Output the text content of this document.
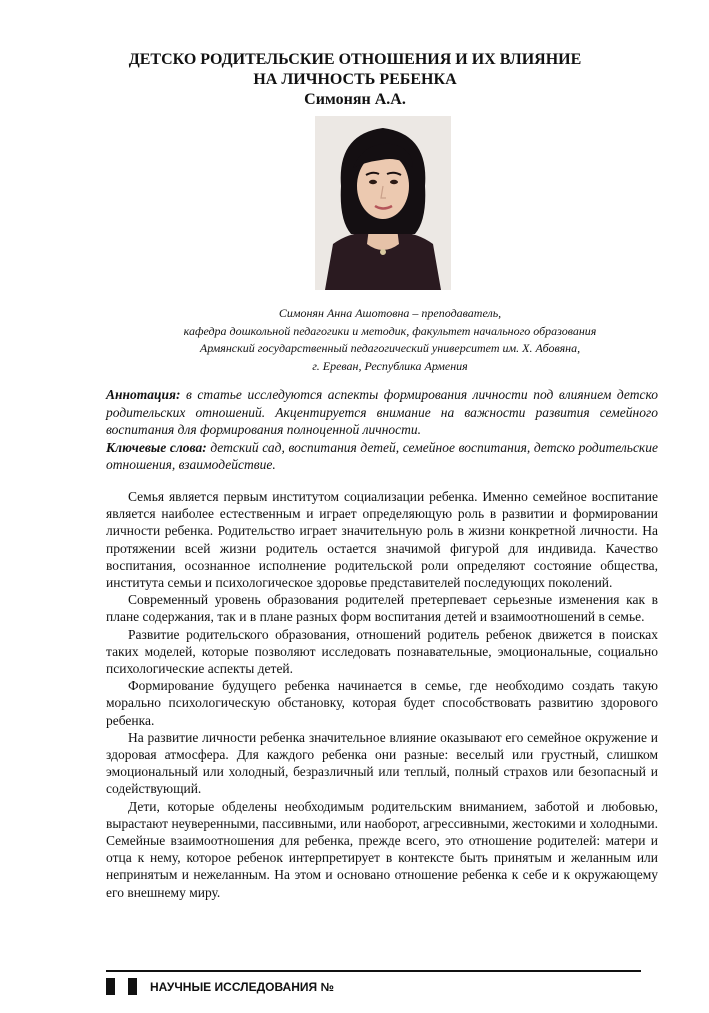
ДЕТСКО РОДИТЕЛЬСКИЕ ОТНОШЕНИЯ И ИХ ВЛИЯНИЕ
НА ЛИЧНОСТЬ РЕБЕНКА
Симонян А.А.
Симонян Анна Ашотовна – преподаватель,
кафедра дошкольной педагогики и методик, факультет начального образования
Армянский государственный педагогический университет им. Х. Абовяна,
г. Ереван, Республика Армения

Аннотация: в статье исследуются аспекты формирования личности под влиянием детско родительских отношений. Акцентируется внимание на важности развития семейного воспитания для формирования полноценной личности.

Ключевые слова: детский сад, воспитания детей, семейное воспитания, детско родительские отношения, взаимодействие.

Семья является первым институтом социализации ребенка. Именно семейное воспитание является наиболее естественным и играет определяющую роль в развитии и формировании личности ребенка. Родительство играет значительную роль в жизни конкретной личности. На протяжении всей жизни родитель остается значимой фигурой для индивида. Качество воспитания, осознанное исполнение родительской роли определяют состояние общества, института семьи и психологическое здоровье представителей последующих поколений.

Современный уровень образования родителей претерпевает серьезные изменения как в плане содержания, так и в плане разных форм воспитания детей и взаимоотношений в семье.

Развитие родительского образования, отношений родитель ребенок движется в поисках таких моделей, которые позволяют исследовать познавательные, эмоциональные, социально психологические аспекты детей.

Формирование будущего ребенка начинается в семье, где необходимо создать такую морально психологическую обстановку, которая будет способствовать развитию здорового ребенка.

На развитие личности ребенка значительное влияние оказывают его семейное окружение и здоровая атмосфера. Для каждого ребенка они разные: веселый или грустный, слишком эмоциональный или холодный, безразличный или теплый, полный страхов или безопасный и содействующий.

Дети, которые обделены необходимым родительским вниманием, заботой и любовью, вырастают неуверенными, пассивными, или наоборот, агрессивными, жестокими и холодными. Семейные взаимоотношения для ребенка, прежде всего, это отношение родителей: матери и отца к нему, которое ребенок интерпретирует в контексте быть принятым и желанным или непринятым и нежеланным. На этом и основано отношение ребенка к себе и к окружающему его внешнему миру.

НАУЧНЫЕ ИССЛЕДОВАНИЯ №
